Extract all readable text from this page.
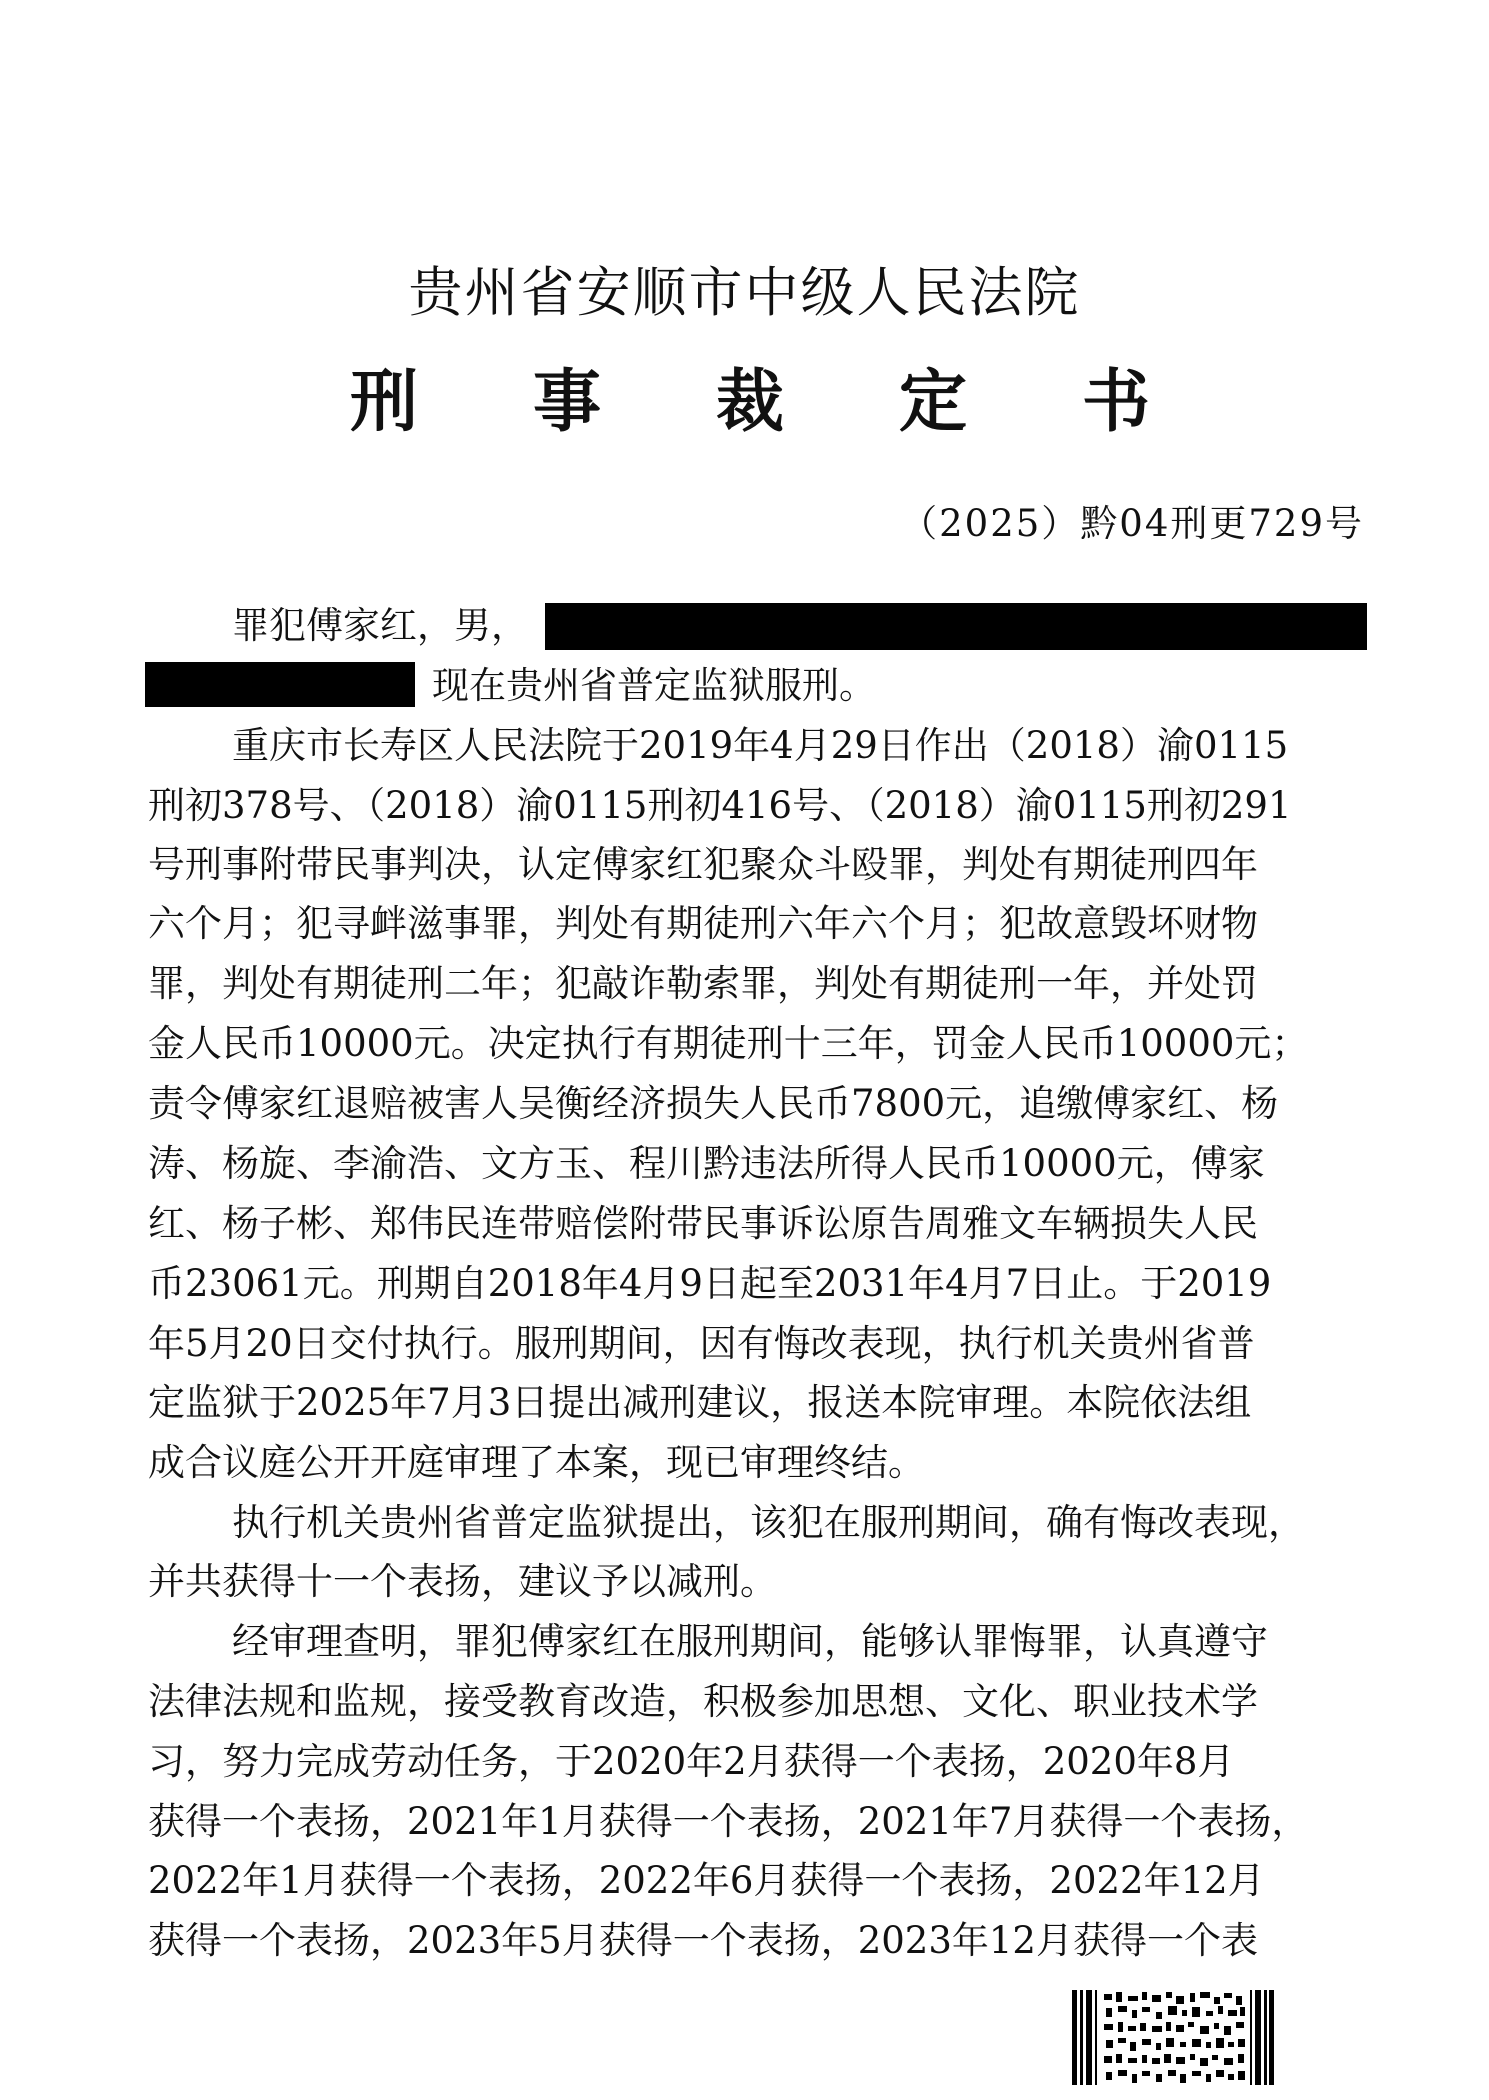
贵州省安顺市中级人民法院
刑 事 裁 定 书
（2025）黔04刑更729号
罪犯傅家红，男，
现在贵州省普定监狱服刑。
重庆市长寿区人民法院于2019年4月29日作出（2018）渝0115
刑初378号、（2018）渝0115刑初416号、（2018）渝0115刑初291
号刑事附带民事判决，认定傅家红犯聚众斗殴罪，判处有期徒刑四年
六个月；犯寻衅滋事罪，判处有期徒刑六年六个月；犯故意毁坏财物
罪，判处有期徒刑二年；犯敲诈勒索罪，判处有期徒刑一年，并处罚
金人民币10000元。决定执行有期徒刑十三年，罚金人民币10000元；
责令傅家红退赔被害人吴衡经济损失人民币7800元，追缴傅家红、杨
涛、杨旋、李渝浩、文方玉、程川黔违法所得人民币10000元，傅家
红、杨子彬、郑伟民连带赔偿附带民事诉讼原告周雅文车辆损失人民
币23061元。刑期自2018年4月9日起至2031年4月7日止。于2019
年5月20日交付执行。服刑期间，因有悔改表现，执行机关贵州省普
定监狱于2025年7月3日提出减刑建议，报送本院审理。本院依法组
成合议庭公开开庭审理了本案，现已审理终结。
执行机关贵州省普定监狱提出，该犯在服刑期间，确有悔改表现，
并共获得十一个表扬，建议予以减刑。
经审理查明，罪犯傅家红在服刑期间，能够认罪悔罪，认真遵守
法律法规和监规，接受教育改造，积极参加思想、文化、职业技术学
习，努力完成劳动任务，于2020年2月获得一个表扬，2020年8月
获得一个表扬，2021年1月获得一个表扬，2021年7月获得一个表扬，
2022年1月获得一个表扬，2022年6月获得一个表扬，2022年12月
获得一个表扬，2023年5月获得一个表扬，2023年12月获得一个表
